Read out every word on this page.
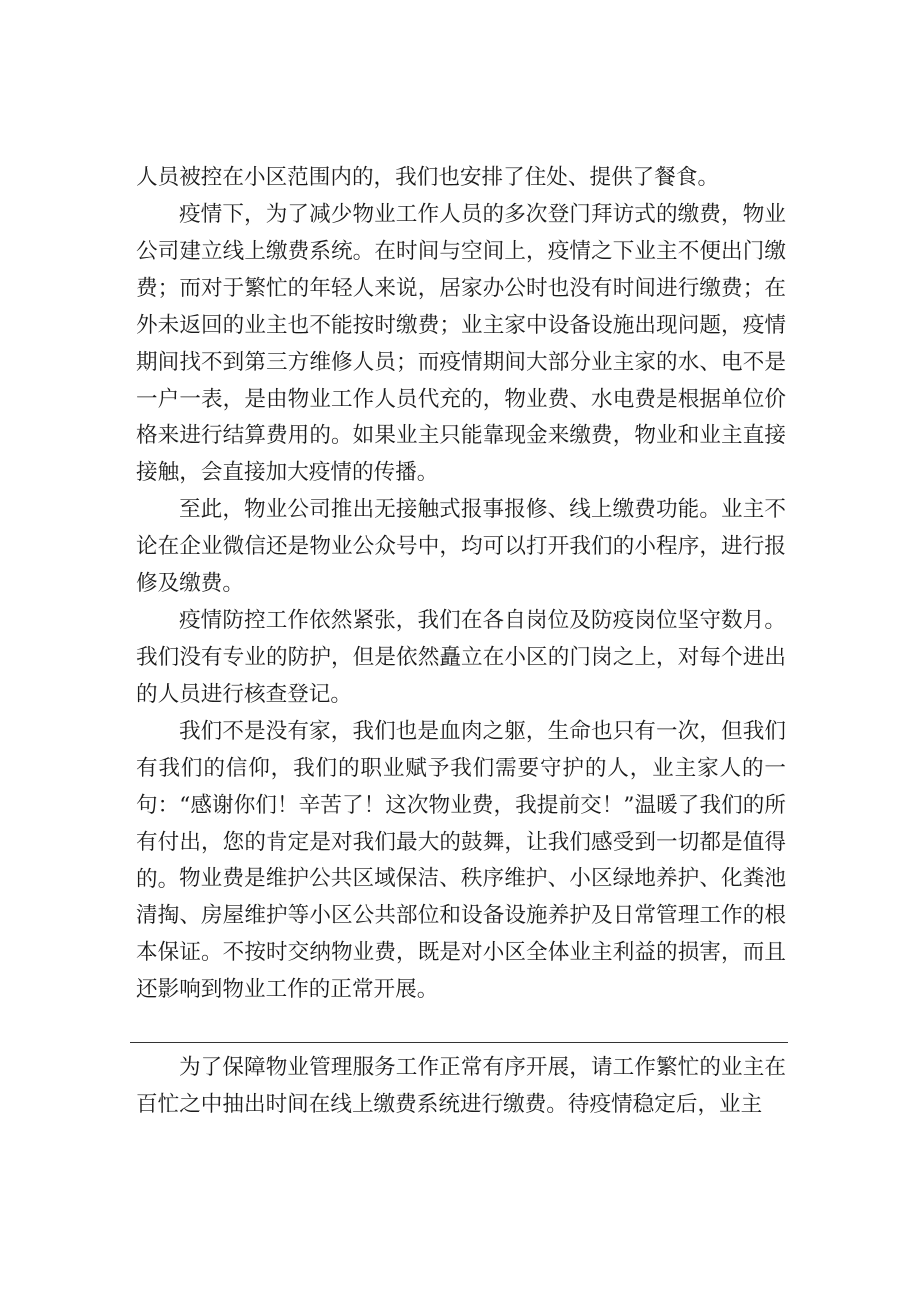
人员被控在小区范围内的，我们也安排了住处、提供了餐食。

疫情下，为了减少物业工作人员的多次登门拜访式的缴费，物业公司建立线上缴费系统。在时间与空间上，疫情之下业主不便出门缴费；而对于繁忙的年轻人来说，居家办公时也没有时间进行缴费；在外未返回的业主也不能按时缴费；业主家中设备设施出现问题，疫情期间找不到第三方维修人员；而疫情期间大部分业主家的水、电不是一户一表，是由物业工作人员代充的，物业费、水电费是根据单位价格来进行结算费用的。如果业主只能靠现金来缴费，物业和业主直接接触，会直接加大疫情的传播。

至此，物业公司推出无接触式报事报修、线上缴费功能。业主不论在企业微信还是物业公众号中，均可以打开我们的小程序，进行报修及缴费。

疫情防控工作依然紧张，我们在各自岗位及防疫岗位坚守数月。我们没有专业的防护，但是依然矗立在小区的门岗之上，对每个进出的人员进行核查登记。

我们不是没有家，我们也是血肉之躯，生命也只有一次，但我们有我们的信仰，我们的职业赋予我们需要守护的人，业主家人的一句：“感谢你们！辛苦了！这次物业费，我提前交！”温暖了我们的所有付出，您的肯定是对我们最大的鼓舞，让我们感受到一切都是值得的。 物业费是维护公共区域保洁、秩序维护、小区绿地养护、化粪池清掏、房屋维护等小区公共部位和设备设施养护及日常管理工作的根本保证。不按时交纳物业费，既是对小区全体业主利益的损害，而且还影响到物业工作的正常开展。

为了保障物业管理服务工作正常有序开展，请工作繁忙的业主在百忙之中抽出时间在线上缴费系统进行缴费。待疫情稳定后，业主
